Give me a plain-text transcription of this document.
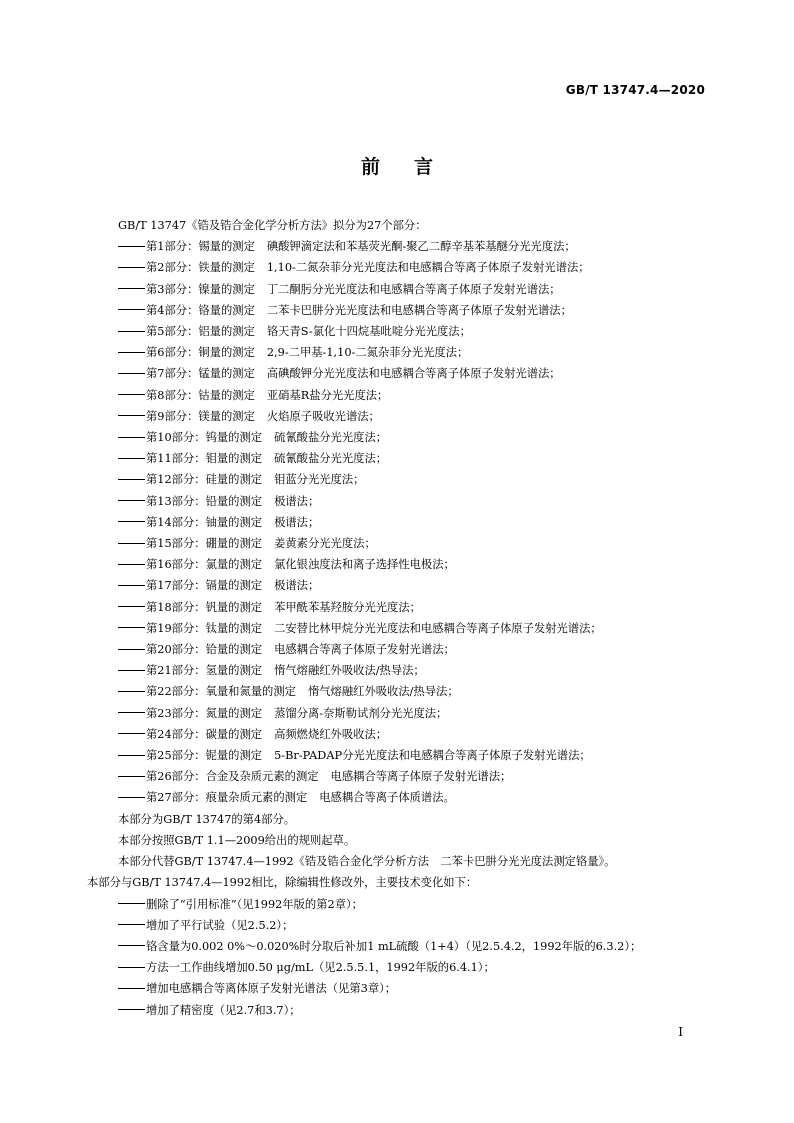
GB/T 13747.4—2020
前言
GB/T 13747《锆及锆合金化学分析方法》拟分为27个部分：
第1部分：锡量的测定 碘酸钾滴定法和苯基荧光酮-聚乙二醇辛基苯基醚分光光度法；
第2部分：铁量的测定 1,10-二氮杂菲分光光度法和电感耦合等离子体原子发射光谱法；
第3部分：镍量的测定 丁二酮肟分光光度法和电感耦合等离子体原子发射光谱法；
第4部分：铬量的测定 二苯卡巴肼分光光度法和电感耦合等离子体原子发射光谱法；
第5部分：铝量的测定 铬天青S-氯化十四烷基吡啶分光光度法；
第6部分：铜量的测定 2,9-二甲基-1,10-二氮杂菲分光光度法；
第7部分：锰量的测定 高碘酸钾分光光度法和电感耦合等离子体原子发射光谱法；
第8部分：钴量的测定 亚硝基R盐分光光度法；
第9部分：镁量的测定 火焰原子吸收光谱法；
第10部分：钨量的测定 硫氰酸盐分光光度法；
第11部分：钼量的测定 硫氰酸盐分光光度法；
第12部分：硅量的测定 钼蓝分光光度法；
第13部分：铅量的测定 极谱法；
第14部分：铀量的测定 极谱法；
第15部分：硼量的测定 姜黄素分光光度法；
第16部分：氯量的测定 氯化银浊度法和离子选择性电极法；
第17部分：镉量的测定 极谱法；
第18部分：钒量的测定 苯甲酰苯基羟胺分光光度法；
第19部分：钛量的测定 二安替比林甲烷分光光度法和电感耦合等离子体原子发射光谱法；
第20部分：铪量的测定 电感耦合等离子体原子发射光谱法；
第21部分：氢量的测定 惰气熔融红外吸收法/热导法；
第22部分：氧量和氮量的测定 惰气熔融红外吸收法/热导法；
第23部分：氮量的测定 蒸馏分离-奈斯勒试剂分光光度法；
第24部分：碳量的测定 高频燃烧红外吸收法；
第25部分：铌量的测定 5-Br-PADAP分光光度法和电感耦合等离子体原子发射光谱法；
第26部分：合金及杂质元素的测定 电感耦合等离子体原子发射光谱法；
第27部分：痕量杂质元素的测定 电感耦合等离子体质谱法。
本部分为GB/T 13747的第4部分。
本部分按照GB/T 1.1—2009给出的规则起草。
本部分代替GB/T 13747.4—1992《锆及锆合金化学分析方法　二苯卡巴肼分光光度法测定铬量》。
本部分与GB/T 13747.4—1992相比，除编辑性修改外，主要技术变化如下：
删除了“引用标准”（见1992年版的第2章）；
增加了平行试验（见2.5.2）；
铬含量为0.002 0%～0.020%时分取后补加1 mL硫酸（1+4）（见2.5.4.2，1992年版的6.3.2）；
方法一工作曲线增加0.50 μg/mL（见2.5.5.1，1992年版的6.4.1）；
增加电感耦合等离体原子发射光谱法（见第3章）；
增加了精密度（见2.7和3.7）；
I
